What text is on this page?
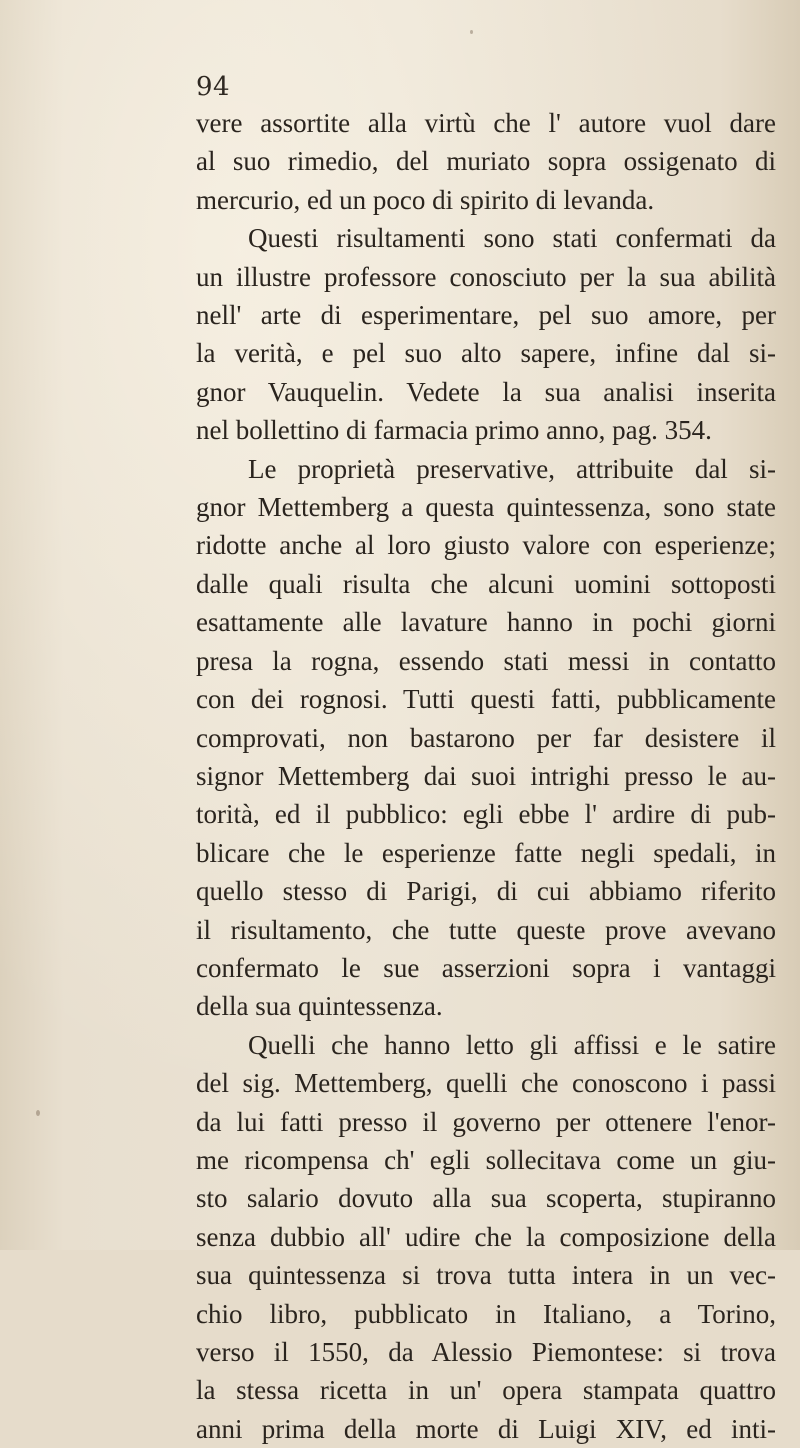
94
vere assortite alla virtù che l' autore vuol dare
al suo rimedio, del muriato sopra ossigenato di
mercurio, ed un poco di spirito di levanda.
Questi risultamenti sono stati confermati da
un illustre professore conosciuto per la sua abilità
nell' arte di esperimentare, pel suo amore, per
la verità, e pel suo alto sapere, infine dal si-
gnor Vauquelin. Vedete la sua analisi inserita
nel bollettino di farmacia primo anno, pag. 354.
Le proprietà preservative, attribuite dal si-
gnor Mettemberg a questa quintessenza, sono state
ridotte anche al loro giusto valore con esperienze;
dalle quali risulta che alcuni uomini sottoposti
esattamente alle lavature hanno in pochi giorni
presa la rogna, essendo stati messi in contatto
con dei rognosi. Tutti questi fatti, pubblicamente
comprovati, non bastarono per far desistere il
signor Mettemberg dai suoi intrighi presso le au-
torità, ed il pubblico: egli ebbe l' ardire di pub-
blicare che le esperienze fatte negli spedali, in
quello stesso di Parigi, di cui abbiamo riferito
il risultamento, che tutte queste prove avevano
confermato le sue asserzioni sopra i vantaggi
della sua quintessenza.
Quelli che hanno letto gli affissi e le satire
del sig. Mettemberg, quelli che conoscono i passi
da lui fatti presso il governo per ottenere l'enor-
me ricompensa ch' egli sollecitava come un giu-
sto salario dovuto alla sua scoperta, stupiranno
senza dubbio all' udire che la composizione della
sua quintessenza si trova tutta intera in un vec-
chio libro, pubblicato in Italiano, a Torino,
verso il 1550, da Alessio Piemontese: si trova
la stessa ricetta in un' opera stampata quattro
anni prima della morte di Luigi XIV, ed inti-
